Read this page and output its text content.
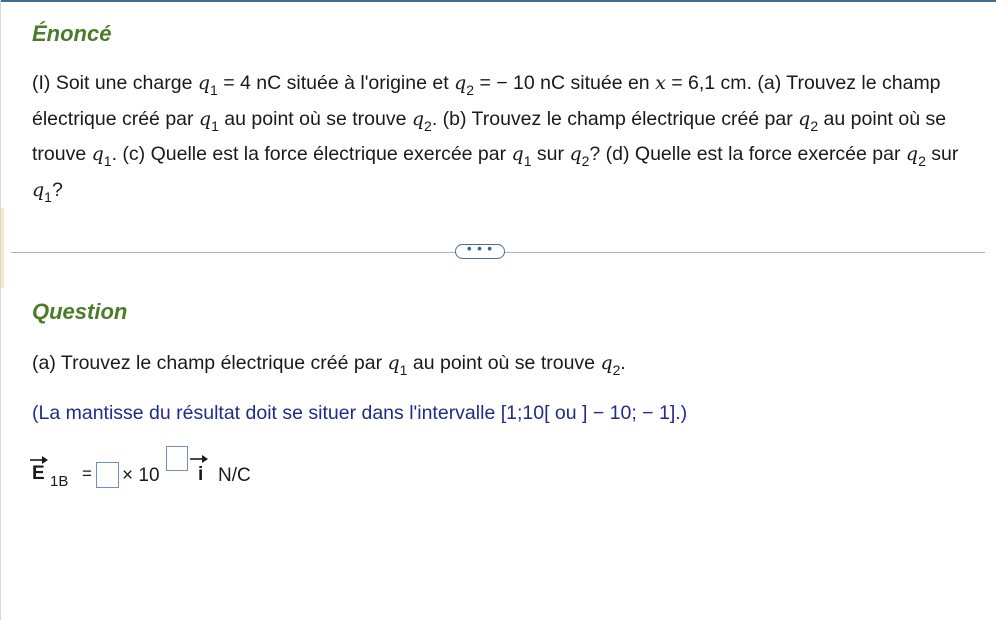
Énoncé
(I) Soit une charge $q_1 = 4$ nC située à l'origine et $q_2$ = − 10 nC située en x = 6,1 cm. (a) Trouvez le champ électrique créé par $q_1$ au point où se trouve $q_2$. (b) Trouvez le champ électrique créé par $q_2$ au point où se trouve $q_1$. (c) Quelle est la force électrique exercée par $q_1$ sur $q_2$? (d) Quelle est la force exercée par $q_2$ sur $q_1$?
• • •
Question
(a) Trouvez le champ électrique créé par $q_1$ au point où se trouve $q_2$.
(La mantisse du résultat doit se situer dans l'intervalle [1;10[ ou ] − 10; − 1].)
E 1B = × 10 i N/C
